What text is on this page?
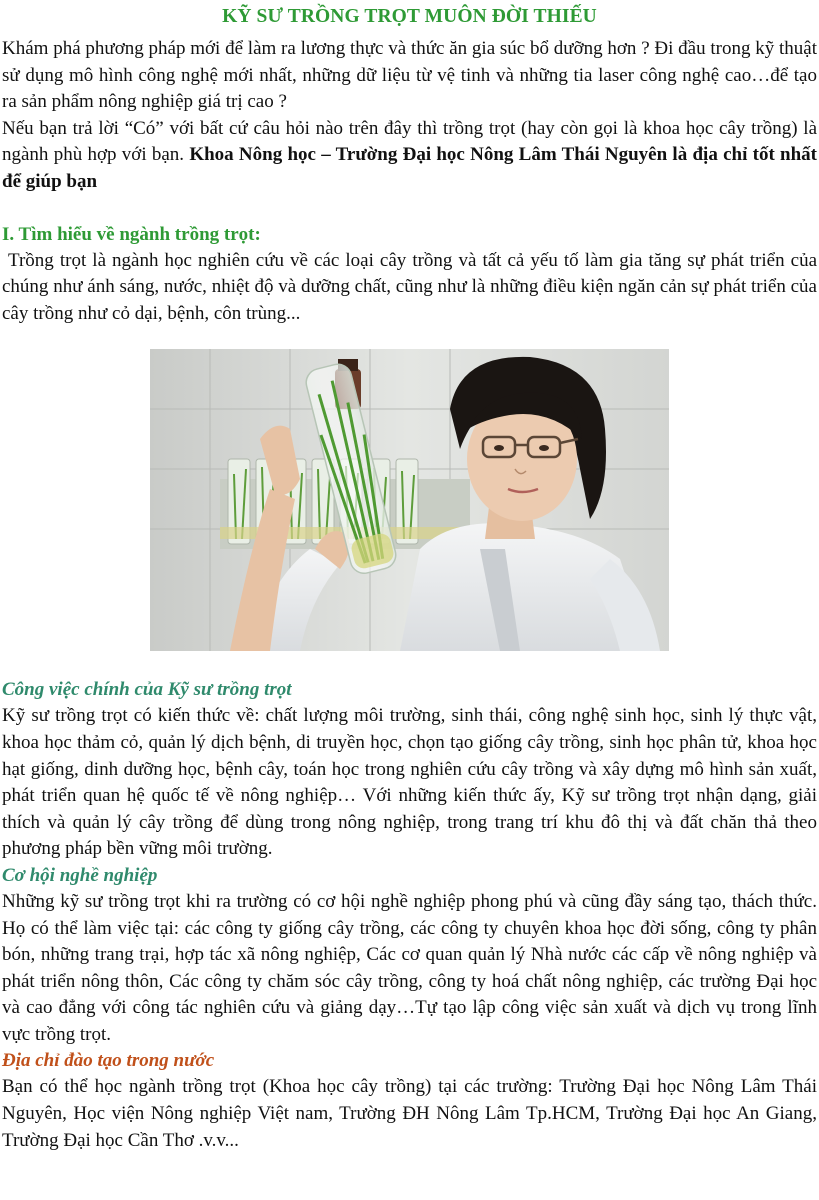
KỸ SƯ TRỒNG TRỌT MUÔN ĐỜI THIẾU

Khám phá phương pháp mới để làm ra lương thực và thức ăn gia súc bổ dưỡng hơn ? Đi đầu trong kỹ thuật sử dụng mô hình công nghệ mới nhất, những dữ liệu từ vệ tinh và những tia laser công nghệ cao…để tạo ra sản phẩm nông nghiệp giá trị cao ?

Nếu bạn trả lời “Có” với bất cứ câu hỏi nào trên đây thì trồng trọt (hay còn gọi là khoa học cây trồng) là ngành phù hợp với bạn. Khoa Nông học – Trường Đại học Nông Lâm Thái Nguyên là địa chỉ tốt nhất để giúp bạn

I. Tìm hiểu về ngành trồng trọt:

Trồng trọt là ngành học nghiên cứu về các loại cây trồng và tất cả yếu tố làm gia tăng sự phát triển của chúng như ánh sáng, nước, nhiệt độ và dưỡng chất, cũng như là những điều kiện ngăn cản sự phát triển của cây trồng như cỏ dại, bệnh, côn trùng...

Công việc chính của Kỹ sư trồng trọt

Kỹ sư trồng trọt có kiến thức về: chất lượng môi trường, sinh thái, công nghệ sinh học, sinh lý thực vật, khoa học thảm cỏ, quản lý dịch bệnh, di truyền học, chọn tạo giống cây trồng, sinh học phân tử, khoa học hạt giống, dinh dưỡng học, bệnh cây, toán học trong nghiên cứu cây trồng và xây dựng mô hình sản xuất, phát triển quan hệ quốc tế về nông nghiệp… Với những kiến thức ấy, Kỹ sư trồng trọt nhận dạng, giải thích và quản lý cây trồng để dùng trong nông nghiệp, trong trang trí khu đô thị và đất chăn thả theo phương pháp bền vững môi trường.

Cơ hội nghề nghiệp

Những kỹ sư trồng trọt khi ra trường có cơ hội nghề nghiệp phong phú và cũng đầy sáng tạo, thách thức. Họ có thể làm việc tại: các công ty giống cây trồng, các công ty chuyên khoa học đời sống, công ty phân bón, những trang trại, hợp tác xã nông nghiệp, Các cơ quan quản lý Nhà nước các cấp về nông nghiệp và phát triển nông thôn, Các công ty chăm sóc cây trồng, công ty hoá chất nông nghiệp, các trường Đại học và cao đẳng với công tác nghiên cứu và giảng dạy…Tự tạo lập công việc sản xuất và dịch vụ trong lĩnh vực trồng trọt.

Địa chỉ đào tạo trong nước

Bạn có thể học ngành trồng trọt (Khoa học cây trồng) tại các trường: Trường Đại học Nông Lâm Thái Nguyên, Học viện Nông nghiệp Việt nam, Trường ĐH Nông Lâm Tp.HCM, Trường Đại học An Giang, Trường Đại học Cần Thơ .v.v...
